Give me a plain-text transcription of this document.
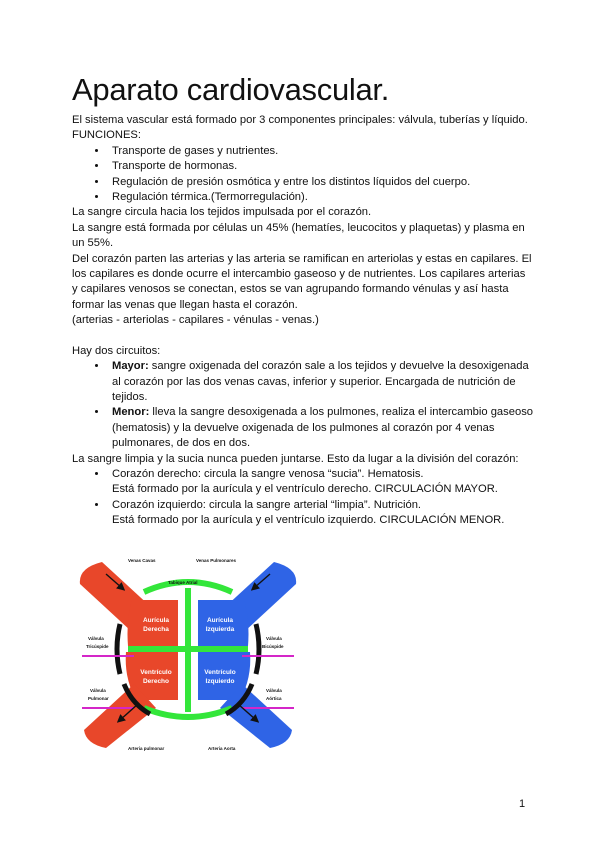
Aparato cardiovascular.

El sistema vascular está formado por 3 componentes principales: válvula, tuberías y líquido.

FUNCIONES:

• Transporte de gases y nutrientes.
• Transporte de hormonas.
• Regulación de presión osmótica y entre los distintos líquidos del cuerpo.
• Regulación térmica.(Termorregulación).

La sangre circula hacia los tejidos impulsada por el corazón.

La sangre está formada por células un 45% (hematíes, leucocitos y plaquetas) y plasma en un 55%.

Del corazón parten las arterias y las arteria se ramifican en arteriolas y estas en capilares. El los capilares es donde ocurre el intercambio gaseoso y de nutrientes. Los capilares arterias y capilares venosos se conectan, estos se van agrupando formando vénulas y así hasta formar las venas que llegan hasta el corazón.

(arterias - arteriolas - capilares - vénulas - venas.)

Hay dos circuitos:

• Mayor: sangre oxigenada del corazón sale a los tejidos y devuelve la desoxigenada al corazón por las dos venas cavas, inferior y superior. Encargada de nutrición de tejidos.
• Menor: lleva la sangre desoxigenada a los pulmones, realiza el intercambio gaseoso (hematosis) y la devuelve oxigenada de los pulmones al corazón por 4 venas pulmonares, de dos en dos.

La sangre limpia y la sucia nunca pueden juntarse. Esto da lugar a la división del corazón:

• Corazón derecho: circula la sangre venosa “sucia”. Hematosis.
Está formado por la aurícula y el ventrículo derecho. CIRCULACIÓN MAYOR.
• Corazón izquierdo: circula la sangre arterial “limpia”. Nutrición.
Está formado por la aurícula y el ventrículo izquierdo. CIRCULACIÓN MENOR.
Venas Cavas	Venas Pulmonares
Tabique Atrial
Válvula
Tricúspide
Válvula
Bicúspide
Válvula
Pulmonar
Válvula
Aórtica
Arteria pulmonar	Arteria Aorta
Aurícula
Derecha
Aurícula
Izquierda
Ventrículo
Derecho
Ventrículo
Izquierdo
1
